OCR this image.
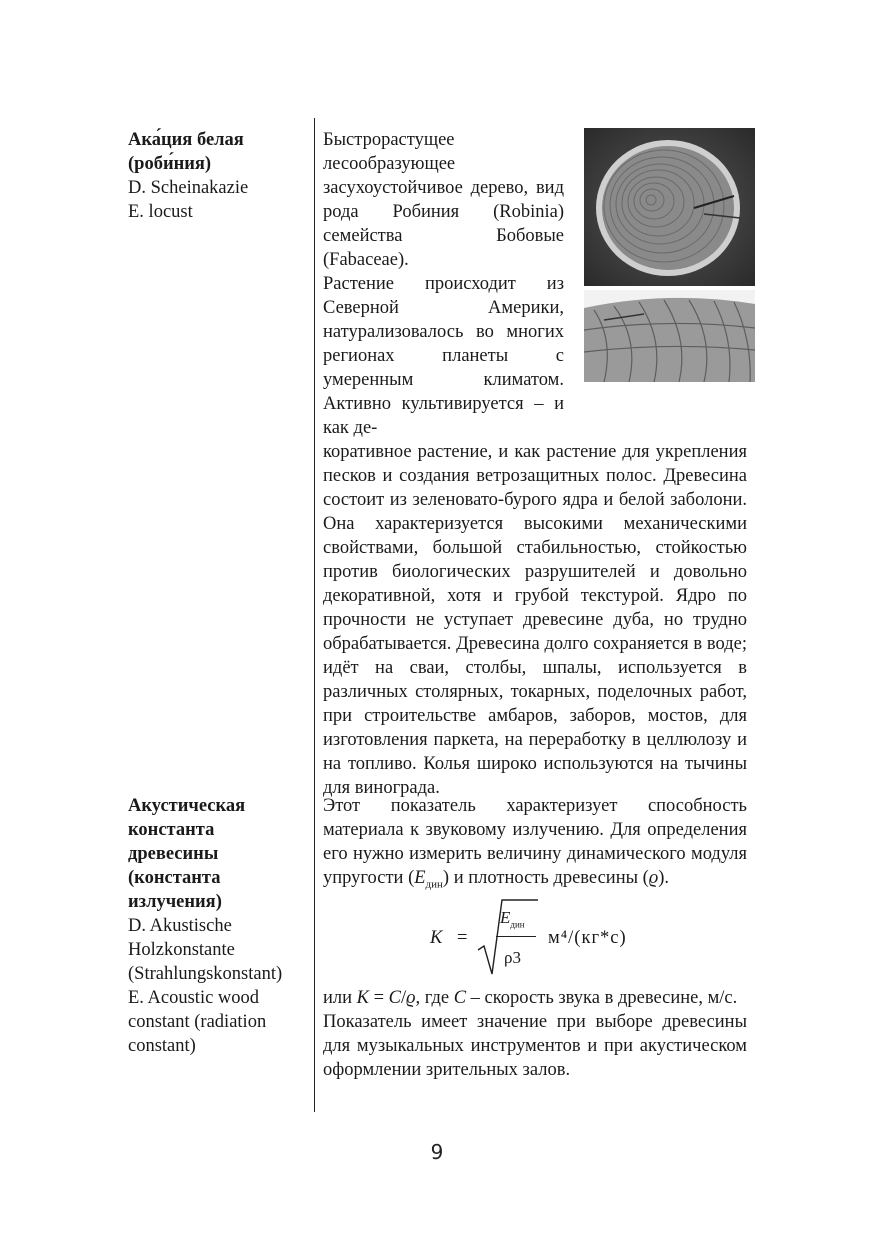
Ака́ция белая
(роби́ния)
D. Scheinakazie
E. locust

Быстрорастущее лесообразующее засухоустойчивое дерево, вид рода Робиния (Robinia) семейства Бобовые (Fabaceae).

Растение происходит из Северной Америки, натурализовалось во многих регионах планеты с умеренным климатом. Активно культивируется – и как де-

коративное растение, и как растение для укрепления песков и создания ветрозащитных полос. Древесина состоит из зеленовато-бурого ядра и белой заболони. Она характеризуется высокими механическими свойствами, большой стабильностью, стойкостью против биологических разрушителей и довольно декоративной, хотя и грубой текстурой. Ядро по прочности не уступает древесине дуба, но трудно обрабатывается. Древесина долго сохраняется в воде; идёт на сваи, столбы, шпалы, используется в различных столярных, токарных, поделочных работ, при строительстве амбаров, заборов, мостов, для изготовления паркета, на переработку в целлюлозу и на топливо. Колья широко используются на тычины для винограда.

Акустическая
константа
древесины
(константа
излучения)
D. Akustische
Holzkonstante
(Strahlungskonstant)
E. Acoustic wood
constant (radiation
constant)

Этот показатель характеризует способность материала к звуковому излучению. Для определения его нужно измерить величину динамического модуля упругости $(E_{дин})$ и плотность древесины (ϱ).

K =
$E_{дин}$
ρ3
м⁴/(кг*с)

или К = C/ϱ, где C – скорость звука в древесине, м/с.

Показатель имеет значение при выборе древесины для музыкальных инструментов и при акустическом оформлении зрительных залов.

9
